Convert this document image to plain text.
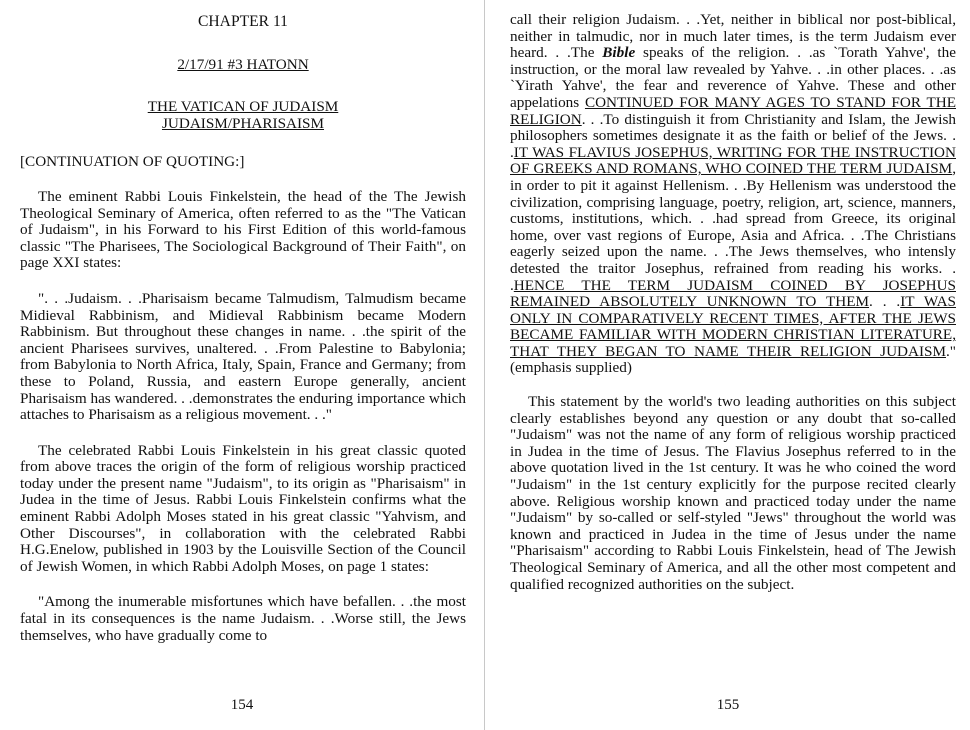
CHAPTER 11

2/17/91 #3 HATONN

THE VATICAN OF JUDAISM

JUDAISM/PHARISAISM

[CONTINUATION OF QUOTING:]

The eminent Rabbi Louis Finkelstein, the head of the The Jewish Theological Seminary of America, often referred to as the "The Vatican of Judaism", in his Forward to his First Edition of this world-famous classic "The Pharisees, The Sociological Background of Their Faith", on page XXI states:

". . .Judaism. . .Pharisaism became Talmudism, Talmudism became Midieval Rabbinism, and Midieval Rabbinism became Modern Rabbinism. But throughout these changes in name. . .the spirit of the ancient Pharisees survives, unaltered. . .From Palestine to Babylonia; from Babylonia to North Africa, Italy, Spain, France and Germany; from these to Poland, Russia, and eastern Europe generally, ancient Pharisaism has wandered. . .demonstrates the enduring importance which attaches to Pharisaism as a religious movement. . ."

The celebrated Rabbi Louis Finkelstein in his great classic quoted from above traces the origin of the form of religious worship practiced today under the present name "Judaism", to its origin as "Pharisaism" in Judea in the time of Jesus. Rabbi Louis Finkelstein confirms what the eminent Rabbi Adolph Moses stated in his great classic "Yahvism, and Other Discourses", in collaboration with the celebrated Rabbi H.G.Enelow, published in 1903 by the Louisville Section of the Council of Jewish Women, in which Rabbi Adolph Moses, on page 1 states:

"Among the inumerable misfortunes which have befallen. . .the most fatal in its consequences is the name Judaism. . .Worse still, the Jews themselves, who have gradually come to

154

call their religion Judaism. . .Yet, neither in biblical nor post-biblical, neither in talmudic, nor in much later times, is the term Judaism ever heard. . .The Bible speaks of the religion. . .as `Torath Yahve', the instruction, or the moral law revealed by Yahve. . .in other places. . .as `Yirath Yahve', the fear and reverence of Yahve. These and other appelations CONTINUED FOR MANY AGES TO STAND FOR THE RELIGION. . .To distinguish it from Christianity and Islam, the Jewish philosophers sometimes designate it as the faith or belief of the Jews. . .IT WAS FLAVIUS JOSEPHUS, WRITING FOR THE INSTRUCTION OF GREEKS AND ROMANS, WHO COINED THE TERM JUDAISM, in order to pit it against Hellenism. . .By Hellenism was understood the civilization, comprising language, poetry, religion, art, science, manners, customs, institutions, which. . .had spread from Greece, its original home, over vast regions of Europe, Asia and Africa. . .The Christians eagerly seized upon the name. . .The Jews themselves, who intensly detested the traitor Josephus, refrained from reading his works. . .HENCE THE TERM JUDAISM COINED BY JOSEPHUS REMAINED ABSOLUTELY UNKNOWN TO THEM. . .IT WAS ONLY IN COMPARATIVELY RECENT TIMES, AFTER THE JEWS BECAME FAMILIAR WITH MODERN CHRISTIAN LITERATURE, THAT THEY BEGAN TO NAME THEIR RELIGION JUDAISM." (emphasis supplied)

This statement by the world's two leading authorities on this subject clearly establishes beyond any question or any doubt that so-called "Judaism" was not the name of any form of religious worship practiced in Judea in the time of Jesus. The Flavius Josephus referred to in the above quotation lived in the 1st century. It was he who coined the word "Judaism" in the 1st century explicitly for the purpose recited clearly above. Religious worship known and practiced today under the name "Judaism" by so-called or self-styled "Jews" throughout the world was known and practiced in Judea in the time of Jesus under the name "Pharisaism" according to Rabbi Louis Finkelstein, head of The Jewish Theological Seminary of America, and all the other most competent and qualified recognized authorities on the subject.

155
